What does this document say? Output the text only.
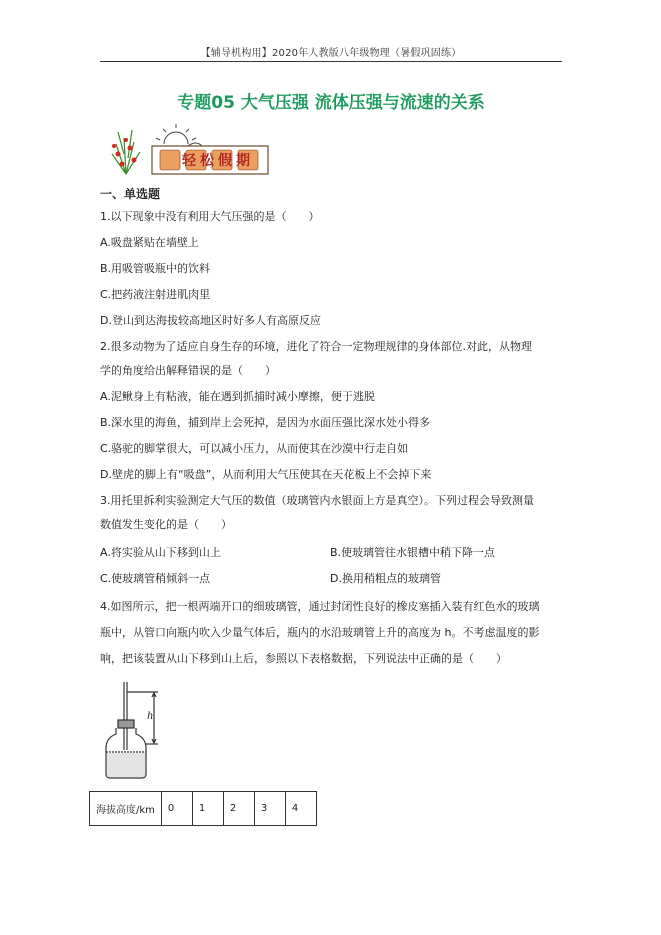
【辅导机构用】2020年人教版八年级物理（暑假巩固练）
专题05 大气压强 流体压强与流速的关系
轻松假期
一、单选题
1.以下现象中没有利用大气压强的是（　　）
A.吸盘紧贴在墙壁上
B.用吸管吸瓶中的饮料
C.把药液注射进肌肉里
D.登山到达海拔较高地区时好多人有高原反应
2.很多动物为了适应自身生存的环境，进化了符合一定物理规律的身体部位.对此，从物理
学的角度给出解释错误的是（　　）
A.泥鳅身上有粘液，能在遇到抓捕时减小摩擦，便于逃脱
B.深水里的海鱼，捕到岸上会死掉，是因为水面压强比深水处小得多
C.骆驼的脚掌很大，可以减小压力，从而使其在沙漠中行走自如
D.壁虎的脚上有“吸盘”，从而利用大气压使其在天花板上不会掉下来
3.用托里拆利实验测定大气压的数值（玻璃管内水银面上方是真空）。下列过程会导致测量
数值发生变化的是（　　）
A.将实验从山下移到山上	B.使玻璃管往水银槽中稍下降一点
C.使玻璃管稍倾斜一点	D.换用稍粗点的玻璃管
4.如图所示，把一根两端开口的细玻璃管，通过封闭性良好的橡皮塞插入装有红色水的玻璃
瓶中，从管口向瓶内吹入少量气体后，瓶内的水沿玻璃管上升的高度为 h。不考虑温度的影
响，把该装置从山下移到山上后，参照以下表格数据，下列说法中正确的是（　　）
h
海拔高度/km	0	1	2	3	4
